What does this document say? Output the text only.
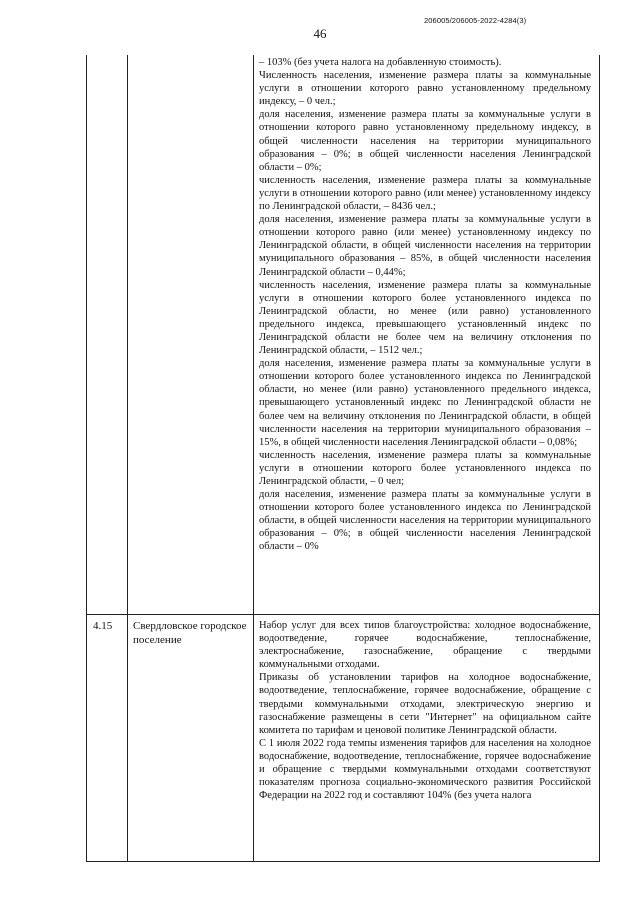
46
206005/206005-2022-4284(3)

– 103% (без учета налога на добавленную стоимость).

Численность населения, изменение размера платы за коммунальные услуги в отношении которого равно установленному предельному индексу, – 0 чел.;

доля населения, изменение размера платы за коммунальные услуги в отношении которого равно установленному предельному индексу, в общей численности населения на территории муниципального образования – 0%; в общей численности населения Ленинградской области – 0%;

численность населения, изменение размера платы за коммунальные услуги в отношении которого равно (или менее) установленному индексу по Ленинградской области, – 8436 чел.;

доля населения, изменение размера платы за коммунальные услуги в отношении которого равно (или менее) установленному индексу по Ленинградской области, в общей численности населения на территории муниципального образования – 85%, в общей численности населения Ленинградской области – 0,44%;

численность населения, изменение размера платы за коммунальные услуги в отношении которого более установленного индекса по Ленинградской области, но менее (или равно) установленного предельного индекса, превышающего установленный индекс по Ленинградской области не более чем на величину отклонения по Ленинградской области, – 1512 чел.;

доля населения, изменение размера платы за коммунальные услуги в отношении которого более установленного индекса по Ленинградской области, но менее (или равно) установленного предельного индекса, превышающего установленный индекс по Ленинградской области не более чем на величину отклонения по Ленинградской области, в общей численности населения на территории муниципального образования – 15%, в общей численности населения Ленинградской области – 0,08%;

численность населения, изменение размера платы за коммунальные услуги в отношении которого более установленного индекса по Ленинградской области, – 0 чел;

доля населения, изменение размера платы за коммунальные услуги в отношении которого более установленного индекса по Ленинградской области, в общей численности населения на территории муниципального образования – 0%; в общей численности населения Ленинградской области – 0%

4.15 Свердловское городское поселение

Набор услуг для всех типов благоустройства: холодное водоснабжение, водоотведение, горячее водоснабжение, теплоснабжение, электроснабжение, газоснабжение, обращение с твердыми коммунальными отходами.

Приказы об установлении тарифов на холодное водоснабжение, водоотведение, теплоснабжение, горячее водоснабжение, обращение с твердыми коммунальными отходами, электрическую энергию и газоснабжение размещены в сети "Интернет" на официальном сайте комитета по тарифам и ценовой политике Ленинградской области.

С 1 июля 2022 года темпы изменения тарифов для населения на холодное водоснабжение, водоотведение, теплоснабжение, горячее водоснабжение и обращение с твердыми коммунальными отходами соответствуют показателям прогноза социально-экономического развития Российской Федерации на 2022 год и составляют 104% (без учета налога
